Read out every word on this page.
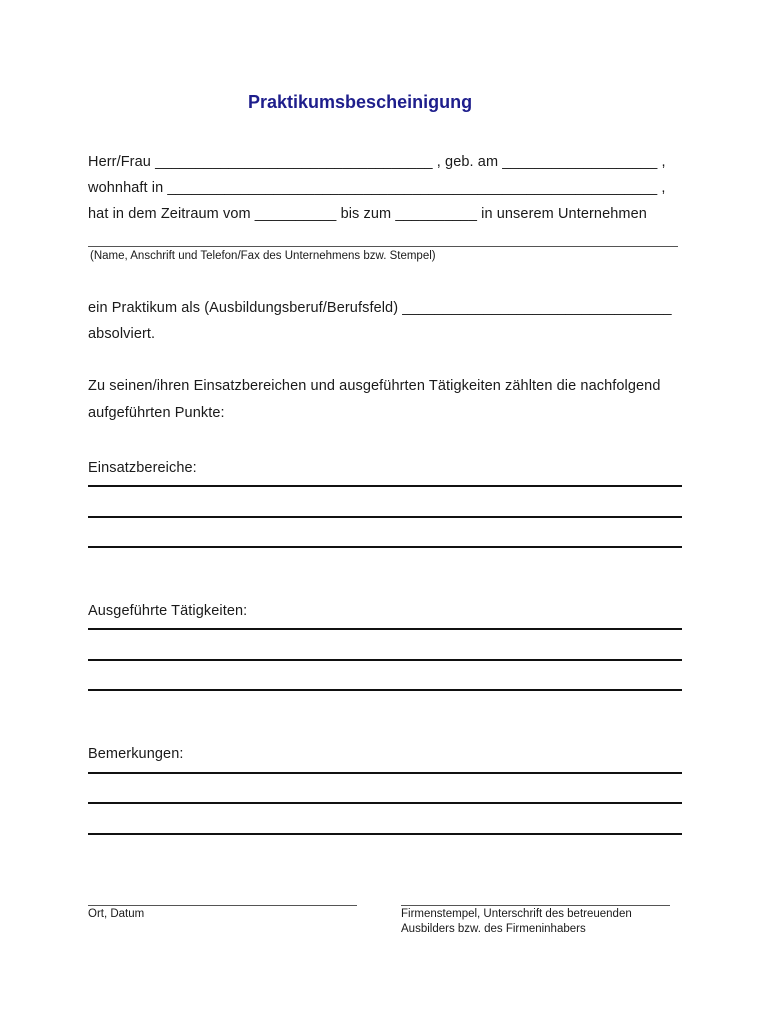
Praktikumsbescheinigung
Herr/Frau __________________________________ , geb. am ___________________ ,
wohnhaft in ____________________________________________________________ ,
hat in dem Zeitraum vom __________ bis zum __________ in unserem Unternehmen
(Name, Anschrift und Telefon/Fax des Unternehmens bzw. Stempel)
ein Praktikum als (Ausbildungsberuf/Berufsfeld) _________________________________
absolviert.
Zu seinen/ihren Einsatzbereichen und ausgeführten Tätigkeiten zählten die nachfolgend
aufgeführten Punkte:
Einsatzbereiche:
Ausgeführte Tätigkeiten:
Bemerkungen:
Ort, Datum	Firmenstempel, Unterschrift des betreuenden
Ausbilders bzw. des Firmeninhabers
